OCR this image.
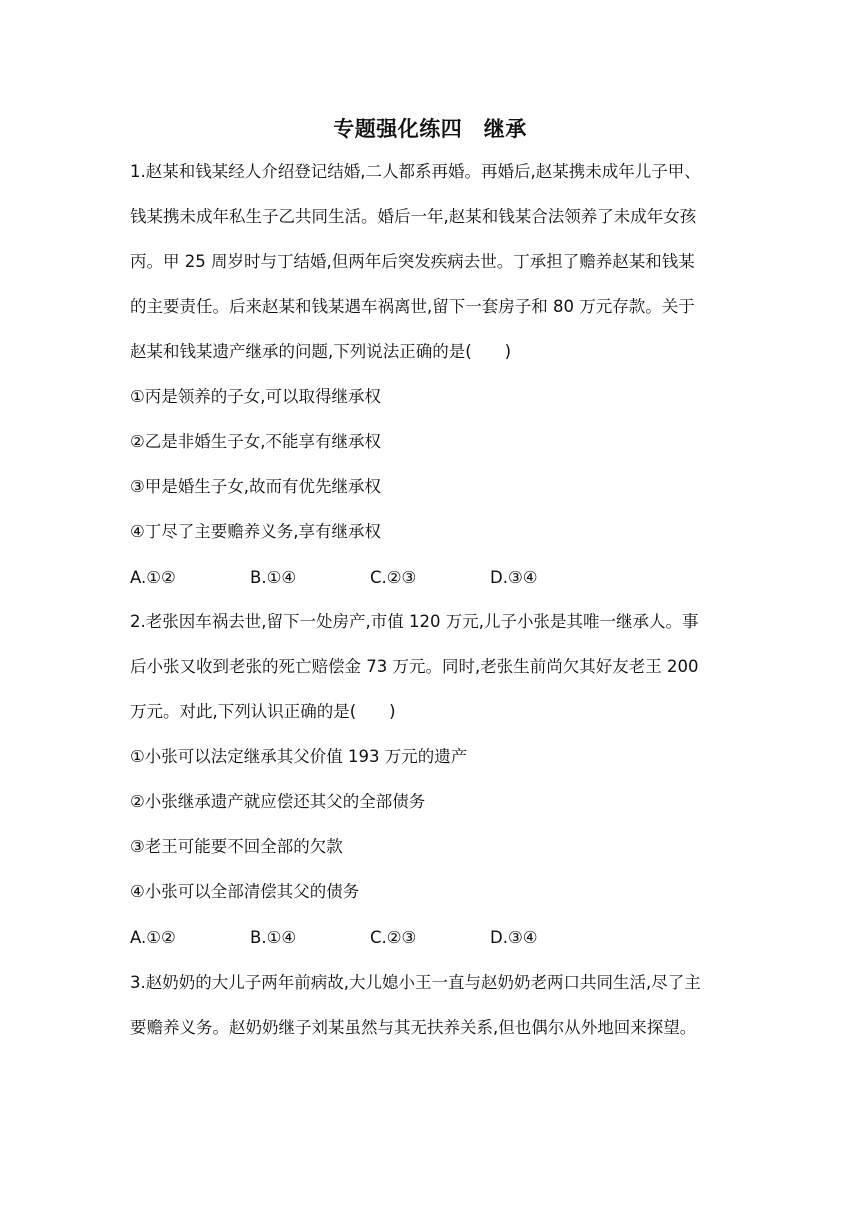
专题强化练四　继承
1.赵某和钱某经人介绍登记结婚,二人都系再婚。再婚后,赵某携未成年儿子甲、
钱某携未成年私生子乙共同生活。婚后一年,赵某和钱某合法领养了未成年女孩
丙。甲 25 周岁时与丁结婚,但两年后突发疾病去世。丁承担了赡养赵某和钱某
的主要责任。后来赵某和钱某遇车祸离世,留下一套房子和 80 万元存款。关于
赵某和钱某遗产继承的问题,下列说法正确的是(　　)
①丙是领养的子女,可以取得继承权
②乙是非婚生子女,不能享有继承权
③甲是婚生子女,故而有优先继承权
④丁尽了主要赡养义务,享有继承权
A.①②	B.①④	C.②③	D.③④
2.老张因车祸去世,留下一处房产,市值 120 万元,儿子小张是其唯一继承人。事
后小张又收到老张的死亡赔偿金 73 万元。同时,老张生前尚欠其好友老王 200
万元。对此,下列认识正确的是(　　)
①小张可以法定继承其父价值 193 万元的遗产
②小张继承遗产就应偿还其父的全部债务
③老王可能要不回全部的欠款
④小张可以全部清偿其父的债务
A.①②	B.①④	C.②③	D.③④
3.赵奶奶的大儿子两年前病故,大儿媳小王一直与赵奶奶老两口共同生活,尽了主
要赡养义务。赵奶奶继子刘某虽然与其无扶养关系,但也偶尔从外地回来探望。
